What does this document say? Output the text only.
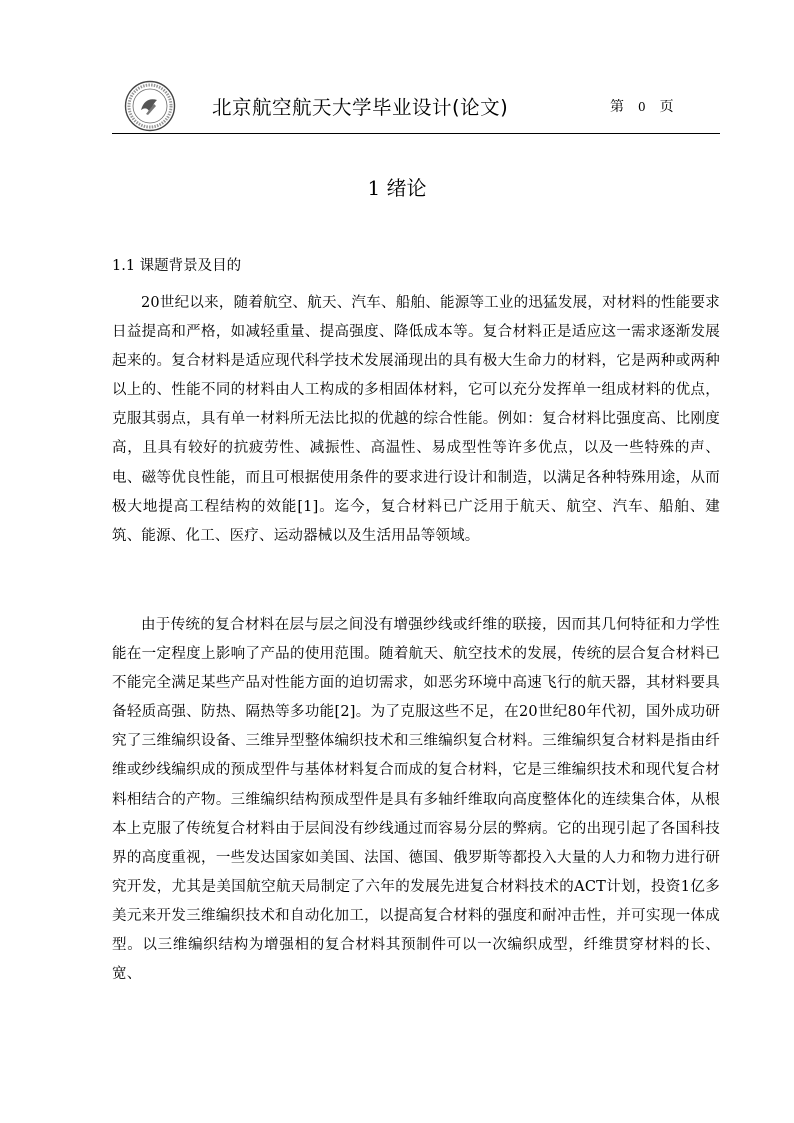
北京航空航天大学毕业设计(论文)	第 0 页
1 绪论
1.1 课题背景及目的

20世纪以来，随着航空、航天、汽车、船舶、能源等工业的迅猛发展，对材料的性能要求日益提高和严格，如减轻重量、提高强度、降低成本等。复合材料正是适应这一需求逐渐发展起来的。复合材料是适应现代科学技术发展涌现出的具有极大生命力的材料，它是两种或两种以上的、性能不同的材料由人工构成的多相固体材料，它可以充分发挥单一组成材料的优点，克服其弱点，具有单一材料所无法比拟的优越的综合性能。例如：复合材料比强度高、比刚度高，且具有较好的抗疲劳性、减振性、高温性、易成型性等许多优点，以及一些特殊的声、电、磁等优良性能，而且可根据使用条件的要求进行设计和制造，以满足各种特殊用途，从而极大地提高工程结构的效能[1]。迄今，复合材料已广泛用于航天、航空、汽车、船舶、建筑、能源、化工、医疗、运动器械以及生活用品等领域。

由于传统的复合材料在层与层之间没有增强纱线或纤维的联接，因而其几何特征和力学性能在一定程度上影响了产品的使用范围。随着航天、航空技术的发展，传统的层合复合材料已不能完全满足某些产品对性能方面的迫切需求，如恶劣环境中高速飞行的航天器，其材料要具备轻质高强、防热、隔热等多功能[2]。为了克服这些不足，在20世纪80年代初，国外成功研究了三维编织设备、三维异型整体编织技术和三维编织复合材料。三维编织复合材料是指由纤维或纱线编织成的预成型件与基体材料复合而成的复合材料，它是三维编织技术和现代复合材料相结合的产物。三维编织结构预成型件是具有多轴纤维取向高度整体化的连续集合体，从根本上克服了传统复合材料由于层间没有纱线通过而容易分层的弊病。它的出现引起了各国科技界的高度重视，一些发达国家如美国、法国、德国、俄罗斯等都投入大量的人力和物力进行研究开发，尤其是美国航空航天局制定了六年的发展先进复合材料技术的ACT计划，投资1亿多美元来开发三维编织技术和自动化加工，以提高复合材料的强度和耐冲击性，并可实现一体成型。以三维编织结构为增强相的复合材料其预制件可以一次编织成型，纤维贯穿材料的长、宽、
